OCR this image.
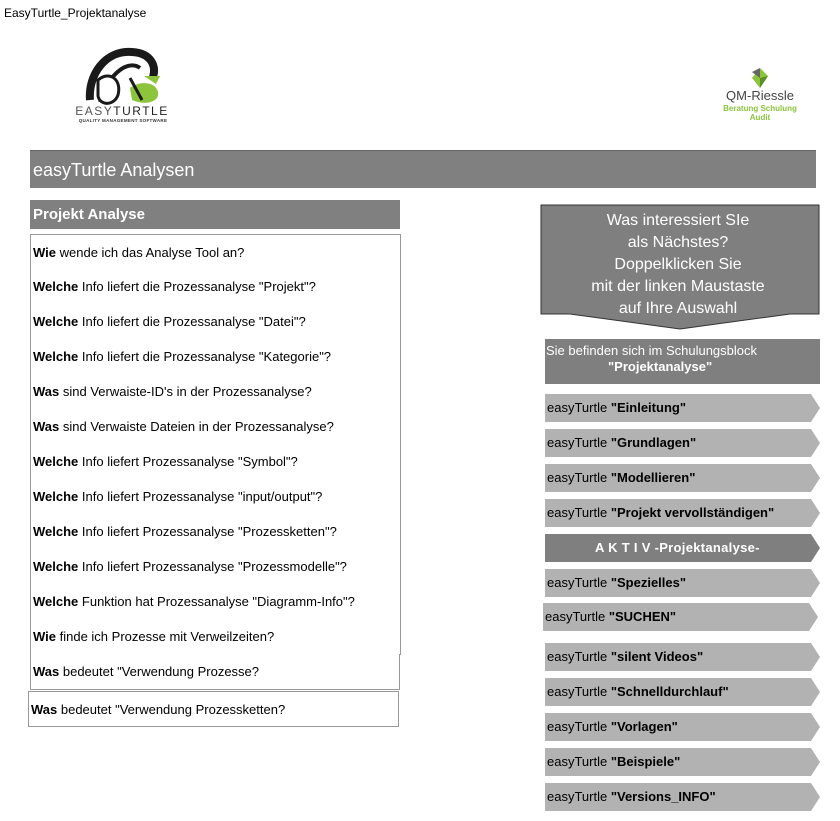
EasyTurtle_Projektanalyse
EASYTURTLE
QUALITY MANAGEMENT SOFTWARE
QM-Riessle
Beratung Schulung Audit
easyTurtle Analysen
Projekt Analyse
Wie wende ich das Analyse Tool an?
Welche Info liefert die Prozessanalyse "Projekt"?
Welche Info liefert die Prozessanalyse "Datei"?
Welche Info liefert die Prozessanalyse "Kategorie"?
Was sind Verwaiste-ID's in der Prozessanalyse?
Was sind Verwaiste Dateien in der Prozessanalyse?
Welche Info liefert Prozessanalyse "Symbol"?
Welche Info liefert Prozessanalyse "input/output"?
Welche Info liefert Prozessanalyse "Prozessketten"?
Welche Info liefert Prozessanalyse "Prozessmodelle"?
Welche Funktion hat Prozessanalyse "Diagramm-Info"?
Wie finde ich Prozesse mit Verweilzeiten?
Was bedeutet "Verwendung Prozesse?
Was bedeutet "Verwendung Prozessketten?
Was interessiert SIe
als Nächstes?
Doppelklicken Sie
mit der linken Maustaste
auf Ihre Auswahl
Sie befinden sich im Schulungsblock
"Projektanalyse"
easyTurtle "Einleitung"
easyTurtle "Grundlagen"
easyTurtle "Modellieren"
easyTurtle "Projekt vervollständigen"
A K T I V -Projektanalyse-
easyTurtle "Spezielles"
easyTurtle "SUCHEN"
easyTurtle "silent Videos"
easyTurtle "Schnelldurchlauf"
easyTurtle "Vorlagen"
easyTurtle "Beispiele"
easyTurtle "Versions_INFO"
